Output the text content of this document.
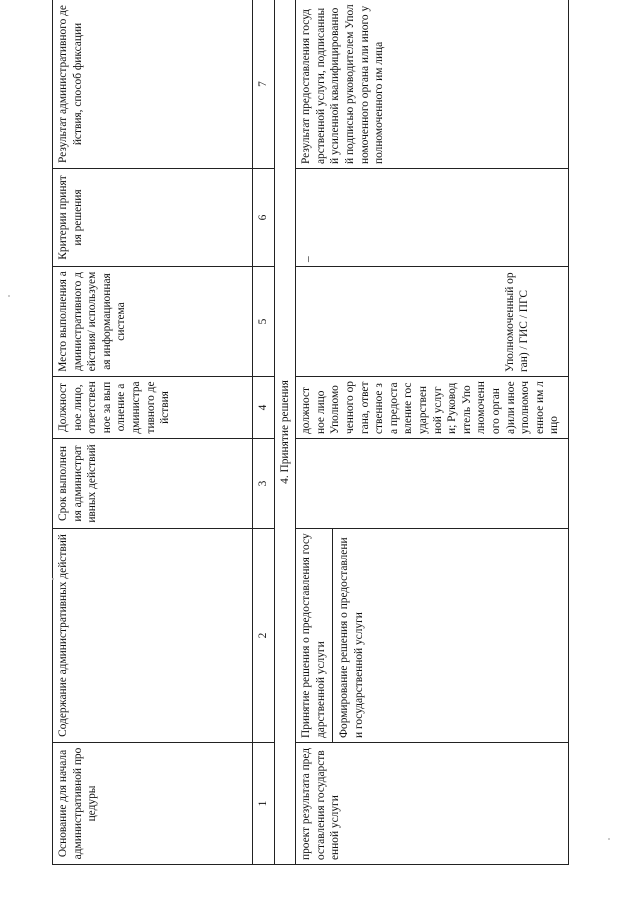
Основание для начала административной процедуры	Содержание административных действий	Срок выполнения административных действий	Должностное лицо, ответственное за выполнение административного действия	Место выполнения административного действия/ используемая информационная система	Критерии принятия решения	Результат административного действия, способ фиксации
1	2	3	4	5	6	7
4. Принятие решения						
проект результата предоставления государственной услуги	Принятие решения о предоставления государственной услуги Формирование решения о предоставлении государственной услуги		должностное лицо Уполномоченного органа, ответственное за предоставление государственной услуги; Руководитель Уполномоченного органа)или иное уполномоченное им лицо	Уполномоченный орган) / ГИС / ПГС	–	Результат предоставления государственной услуги, подписанный усиленной квалифицированной подписью руководителем Уполномоченного органа или иного уполномоченного им лица
